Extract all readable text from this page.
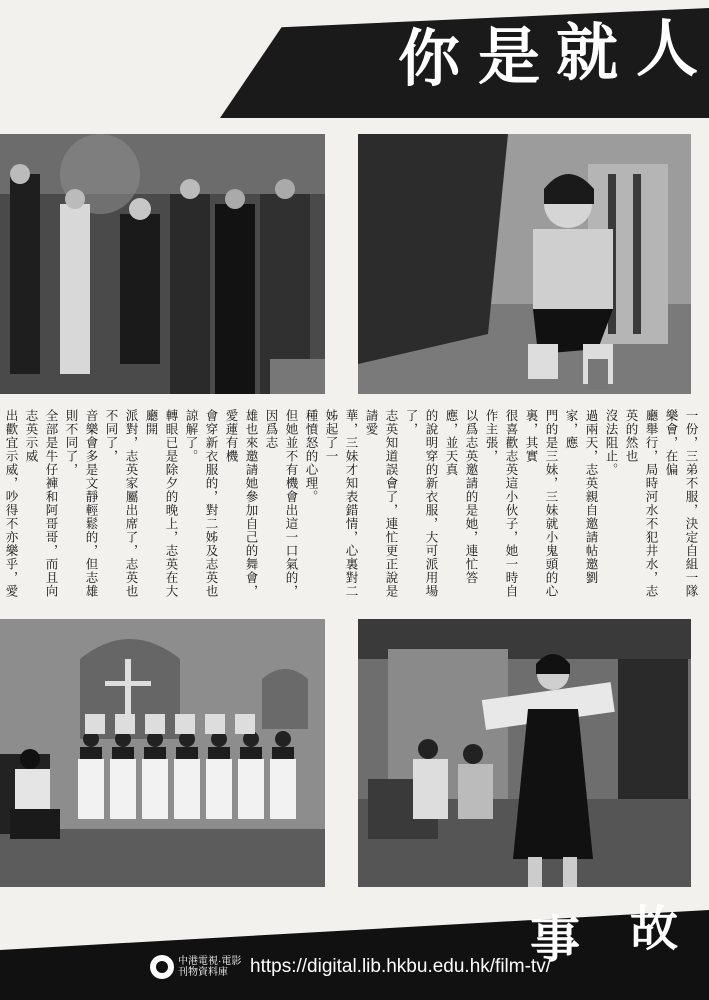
你 是 就 人
一份，三弟不服，決定自組一隊樂會，在偏
廳舉行，局時河水不犯井水，志英的然也
沒法阻止。
過兩天，志英親自邀請帖邀劉家，應
門的是三妹，三妹就小鬼頭的心裏，其實
很喜歡志英這小伙子，她一時自作主張，
以爲志英邀請的是她，連忙答應，並天真
的說明穿的新衣服，大可派用場了，
志英知道誤會了，連忙更正說是請愛
華，三妹才知表錯情，心裏對二姊起了一
種憤怒的心理。
但她並不有機會出這一口氣的，因爲志
雄也來邀請她參加自己的舞會，愛蓮有機
會穿新衣服的，對二姊及志英也諒解了。
轉眼已是除夕的晚上，志英在大廳開
派對，志英家屬出席了，志英也不同了，
音樂會多是文靜輕鬆的，但志雄則不同了，
全部是牛仔褲和阿哥哥，而且向志英示威
出歡宜示威，吵得不亦樂乎，愛

故
事
中港電視·電影刊物資料庫	https://digital.lib.hkbu.edu.hk/film-tv/
